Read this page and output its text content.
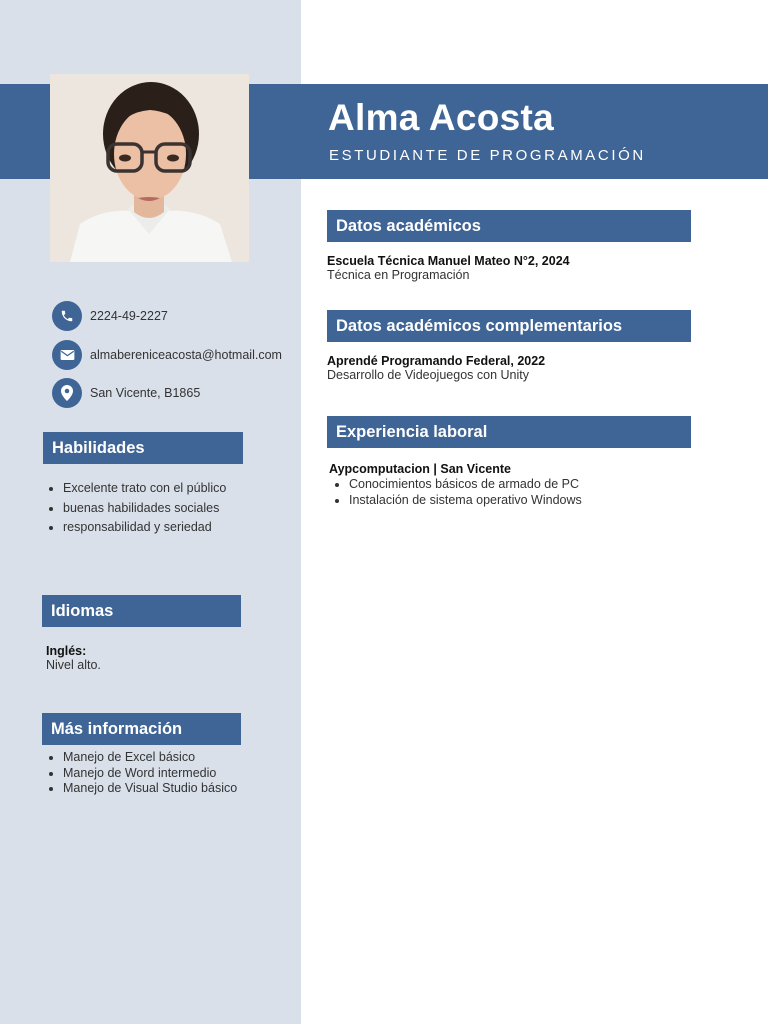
Alma Acosta
ESTUDIANTE DE PROGRAMACIÓN
2224-49-2227
almabereniceacosta@hotmail.com
San Vicente, B1865
Habilidades
• Excelente trato con el público
• buenas habilidades sociales
• responsabilidad y seriedad
Idiomas
Inglés:
Nivel alto.
Más información
• Manejo de Excel básico
• Manejo de Word intermedio
• Manejo de Visual Studio básico
Datos académicos
Escuela Técnica Manuel Mateo N°2, 2024
Técnica en Programación
Datos académicos complementarios
Aprendé Programando Federal, 2022
Desarrollo de Videojuegos con Unity
Experiencia laboral
Aypcomputacion | San Vicente
• Conocimientos básicos de armado de PC
• Instalación de sistema operativo Windows
